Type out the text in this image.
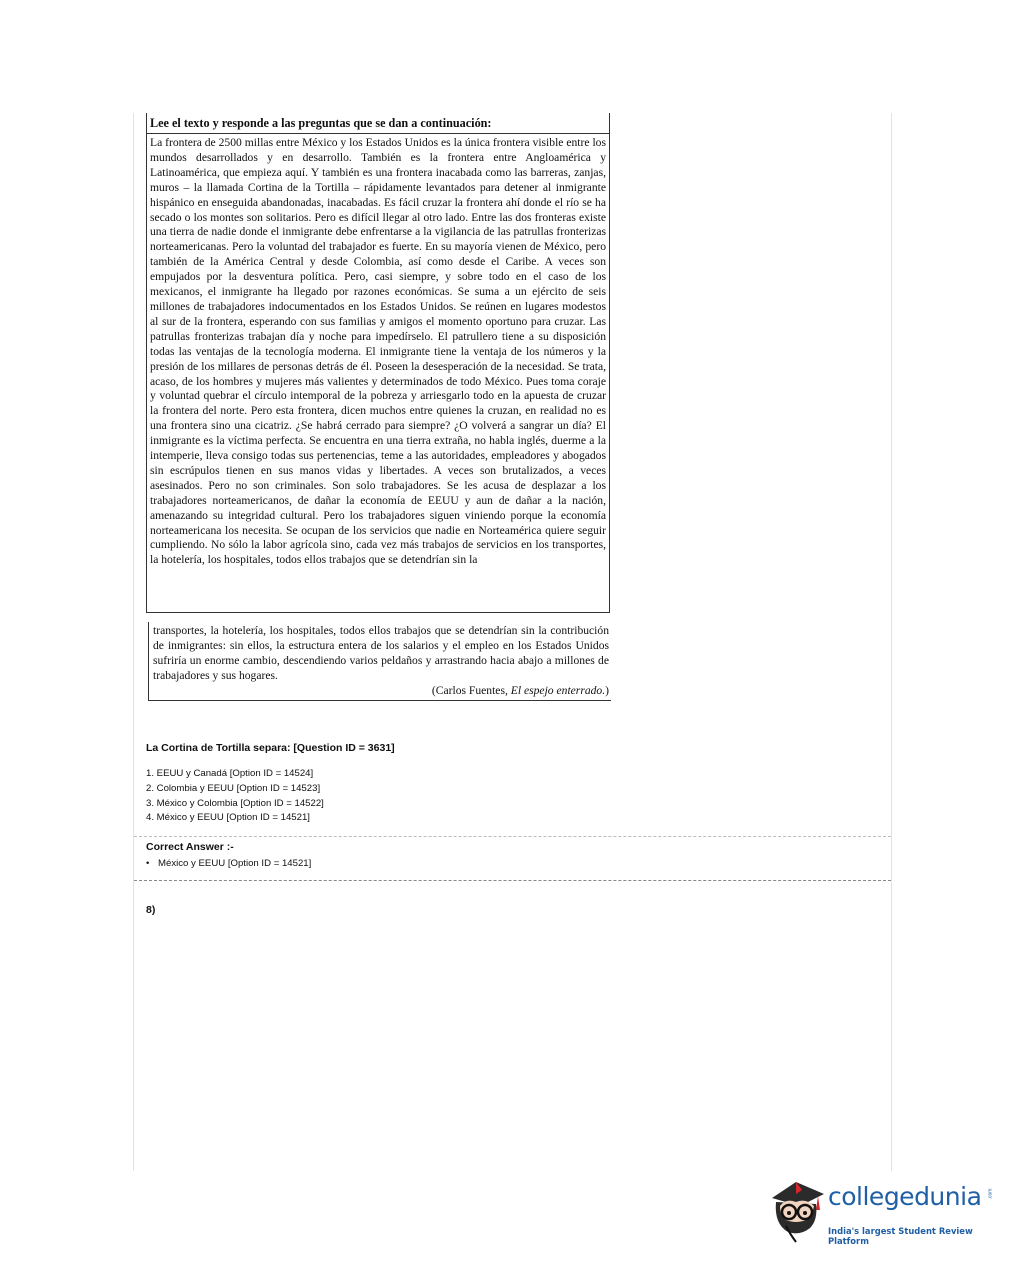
Lee el texto y responde a las preguntas que se dan a continuación:

La frontera de 2500 millas entre México y los Estados Unidos es la única frontera visible entre los mundos desarrollados y en desarrollo. También es la frontera entre Angloamérica y Latinoamérica, que empieza aquí. Y también es una frontera inacabada como las barreras, zanjas, muros – la llamada Cortina de la Tortilla – rápidamente levantados para detener al inmigrante hispánico en enseguida abandonadas, inacabadas. Es fácil cruzar la frontera ahí donde el río se ha secado o los montes son solitarios. Pero es difícil llegar al otro lado. Entre las dos fronteras existe una tierra de nadie donde el inmigrante debe enfrentarse a la vigilancia de las patrullas fronterizas norteamericanas. Pero la voluntad del trabajador es fuerte. En su mayoría vienen de México, pero también de la América Central y desde Colombia, así como desde el Caribe. A veces son empujados por la desventura política. Pero, casi siempre, y sobre todo en el caso de los mexicanos, el inmigrante ha llegado por razones económicas. Se suma a un ejército de seis millones de trabajadores indocumentados en los Estados Unidos. Se reúnen en lugares modestos al sur de la frontera, esperando con sus familias y amigos el momento oportuno para cruzar. Las patrullas fronterizas trabajan día y noche para impedírselo. El patrullero tiene a su disposición todas las ventajas de la tecnología moderna. El inmigrante tiene la ventaja de los números y la presión de los millares de personas detrás de él. Poseen la desesperación de la necesidad. Se trata, acaso, de los hombres y mujeres más valientes y determinados de todo México. Pues toma coraje y voluntad quebrar el círculo intemporal de la pobreza y arriesgarlo todo en la apuesta de cruzar la frontera del norte. Pero esta frontera, dicen muchos entre quienes la cruzan, en realidad no es una frontera sino una cicatriz. ¿Se habrá cerrado para siempre? ¿O volverá a sangrar un día? El inmigrante es la víctima perfecta. Se encuentra en una tierra extraña, no habla inglés, duerme a la intemperie, lleva consigo todas sus pertenencias, teme a las autoridades, empleadores y abogados sin escrúpulos tienen en sus manos vidas y libertades. A veces son brutalizados, a veces asesinados. Pero no son criminales. Son solo trabajadores. Se les acusa de desplazar a los trabajadores norteamericanos, de dañar la economía de EEUU y aun de dañar a la nación, amenazando su integridad cultural. Pero los trabajadores siguen viniendo porque la economía norteamericana los necesita. Se ocupan de los servicios que nadie en Norteamérica quiere seguir cumpliendo. No sólo la labor agrícola sino, cada vez más trabajos de servicios en los transportes, la hotelería, los hospitales, todos ellos trabajos que se detendrían sin la

transportes, la hotelería, los hospitales, todos ellos trabajos que se detendrían sin la contribución de inmigrantes: sin ellos, la estructura entera de los salarios y el empleo en los Estados Unidos sufriría un enorme cambio, descendiendo varios peldaños y arrastrando hacia abajo a millones de trabajadores y sus hogares.

(Carlos Fuentes, El espejo enterrado.)
La Cortina de Tortilla separa: [Question ID = 3631]
1. EEUU y Canadá [Option ID = 14524]
2. Colombia y EEUU [Option ID = 14523]
3. México y Colombia [Option ID = 14522]
4. México y EEUU [Option ID = 14521]
Correct Answer :-
• México y EEUU [Option ID = 14521]
8)
collegedunia .com
India's largest Student Review Platform
